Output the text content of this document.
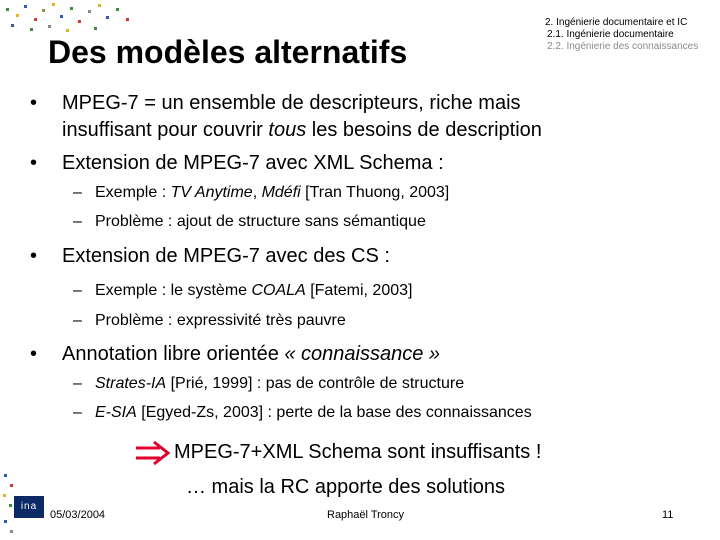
Des modèles alternatifs
2. Ingénierie documentaire et IC
2.1. Ingénierie documentaire
2.2. Ingénierie des connaissances
• MPEG-7 = un ensemble de descripteurs, riche mais
insuffisant pour couvrir tous les besoins de description
• Extension de MPEG-7 avec XML Schema :
– Exemple : TV Anytime, Mdéfi [Tran Thuong, 2003]
– Problème : ajout de structure sans sémantique
• Extension de MPEG-7 avec des CS :
– Exemple : le système COALA [Fatemi, 2003]
– Problème : expressivité très pauvre
• Annotation libre orientée « connaissance »
– Strates-IA [Prié, 1999] : pas de contrôle de structure
– E-SIA [Egyed-Zs, 2003] : perte de la base des connaissances
MPEG-7+XML Schema sont insuffisants !
… mais la RC apporte des solutions
ina
05/03/2004	Raphaël Troncy	11
